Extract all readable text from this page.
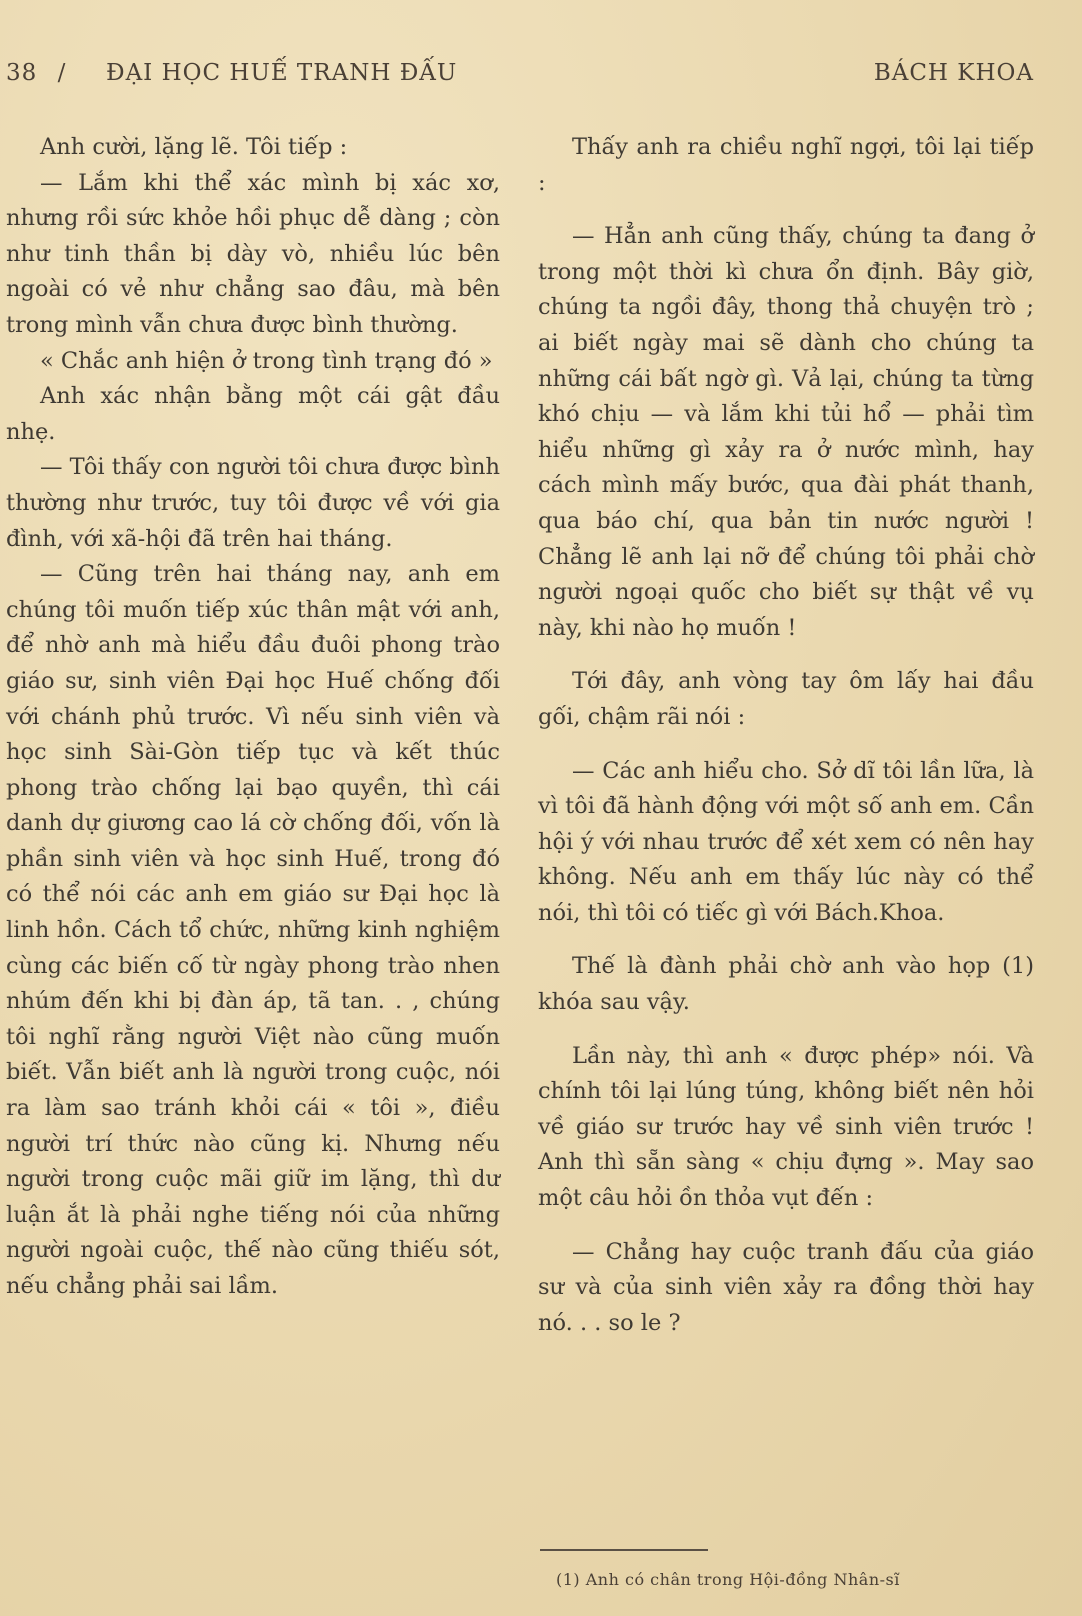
38 / ĐẠI HỌC HUẾ TRANH ĐẤU	BÁCH KHOA

Anh cười, lặng lẽ. Tôi tiếp :

— Lắm khi thể xác mình bị xác xơ, nhưng rồi sức khỏe hồi phục dễ dàng ; còn như tinh thần bị dày vò, nhiều lúc bên ngoài có vẻ như chẳng sao đâu, mà bên trong mình vẫn chưa được bình thường.

« Chắc anh hiện ở trong tình trạng đó »

Anh xác nhận bằng một cái gật đầu nhẹ.

— Tôi thấy con người tôi chưa được bình thường như trước, tuy tôi được về với gia đình, với xã-hội đã trên hai tháng.

— Cũng trên hai tháng nay, anh em chúng tôi muốn tiếp xúc thân mật với anh, để nhờ anh mà hiểu đầu đuôi phong trào giáo sư, sinh viên Đại học Huế chống đối với chánh phủ trước. Vì nếu sinh viên và học sinh Sài-Gòn tiếp tục và kết thúc phong trào chống lại bạo quyền, thì cái danh dự giương cao lá cờ chống đối, vốn là phần sinh viên và học sinh Huế, trong đó có thể nói các anh em giáo sư Đại học là linh hồn. Cách tổ chức, những kinh nghiệm cùng các biến cố từ ngày phong trào nhen nhúm đến khi bị đàn áp, tã tan. . , chúng tôi nghĩ rằng người Việt nào cũng muốn biết. Vẫn biết anh là người trong cuộc, nói ra làm sao tránh khỏi cái « tôi », điều người trí thức nào cũng kị. Nhưng nếu người trong cuộc mãi giữ im lặng, thì dư luận ắt là phải nghe tiếng nói của những người ngoài cuộc, thế nào cũng thiếu sót, nếu chẳng phải sai lầm.

Thấy anh ra chiều nghĩ ngợi, tôi lại tiếp :

— Hẳn anh cũng thấy, chúng ta đang ở trong một thời kì chưa ổn định. Bây giờ, chúng ta ngồi đây, thong thả chuyện trò ; ai biết ngày mai sẽ dành cho chúng ta những cái bất ngờ gì. Vả lại, chúng ta từng khó chịu — và lắm khi tủi hổ — phải tìm hiểu những gì xảy ra ở nước mình, hay cách mình mấy bước, qua đài phát thanh, qua báo chí, qua bản tin nước người ! Chẳng lẽ anh lại nỡ để chúng tôi phải chờ người ngoại quốc cho biết sự thật về vụ này, khi nào họ muốn !

Tới đây, anh vòng tay ôm lấy hai đầu gối, chậm rãi nói :

— Các anh hiểu cho. Sở dĩ tôi lần lữa, là vì tôi đã hành động với một số anh em. Cần hội ý với nhau trước để xét xem có nên hay không. Nếu anh em thấy lúc này có thể nói, thì tôi có tiếc gì với Bách.Khoa.

Thế là đành phải chờ anh vào họp (1) khóa sau vậy.

Lần này, thì anh « được phép» nói. Và chính tôi lại lúng túng, không biết nên hỏi về giáo sư trước hay về sinh viên trước ! Anh thì sẵn sàng « chịu đựng ». May sao một câu hỏi ồn thỏa vụt đến :

— Chẳng hay cuộc tranh đấu của giáo sư và của sinh viên xảy ra đồng thời hay nó. . . so le ?

(1) Anh có chân trong Hội-đồng Nhân-sĩ
